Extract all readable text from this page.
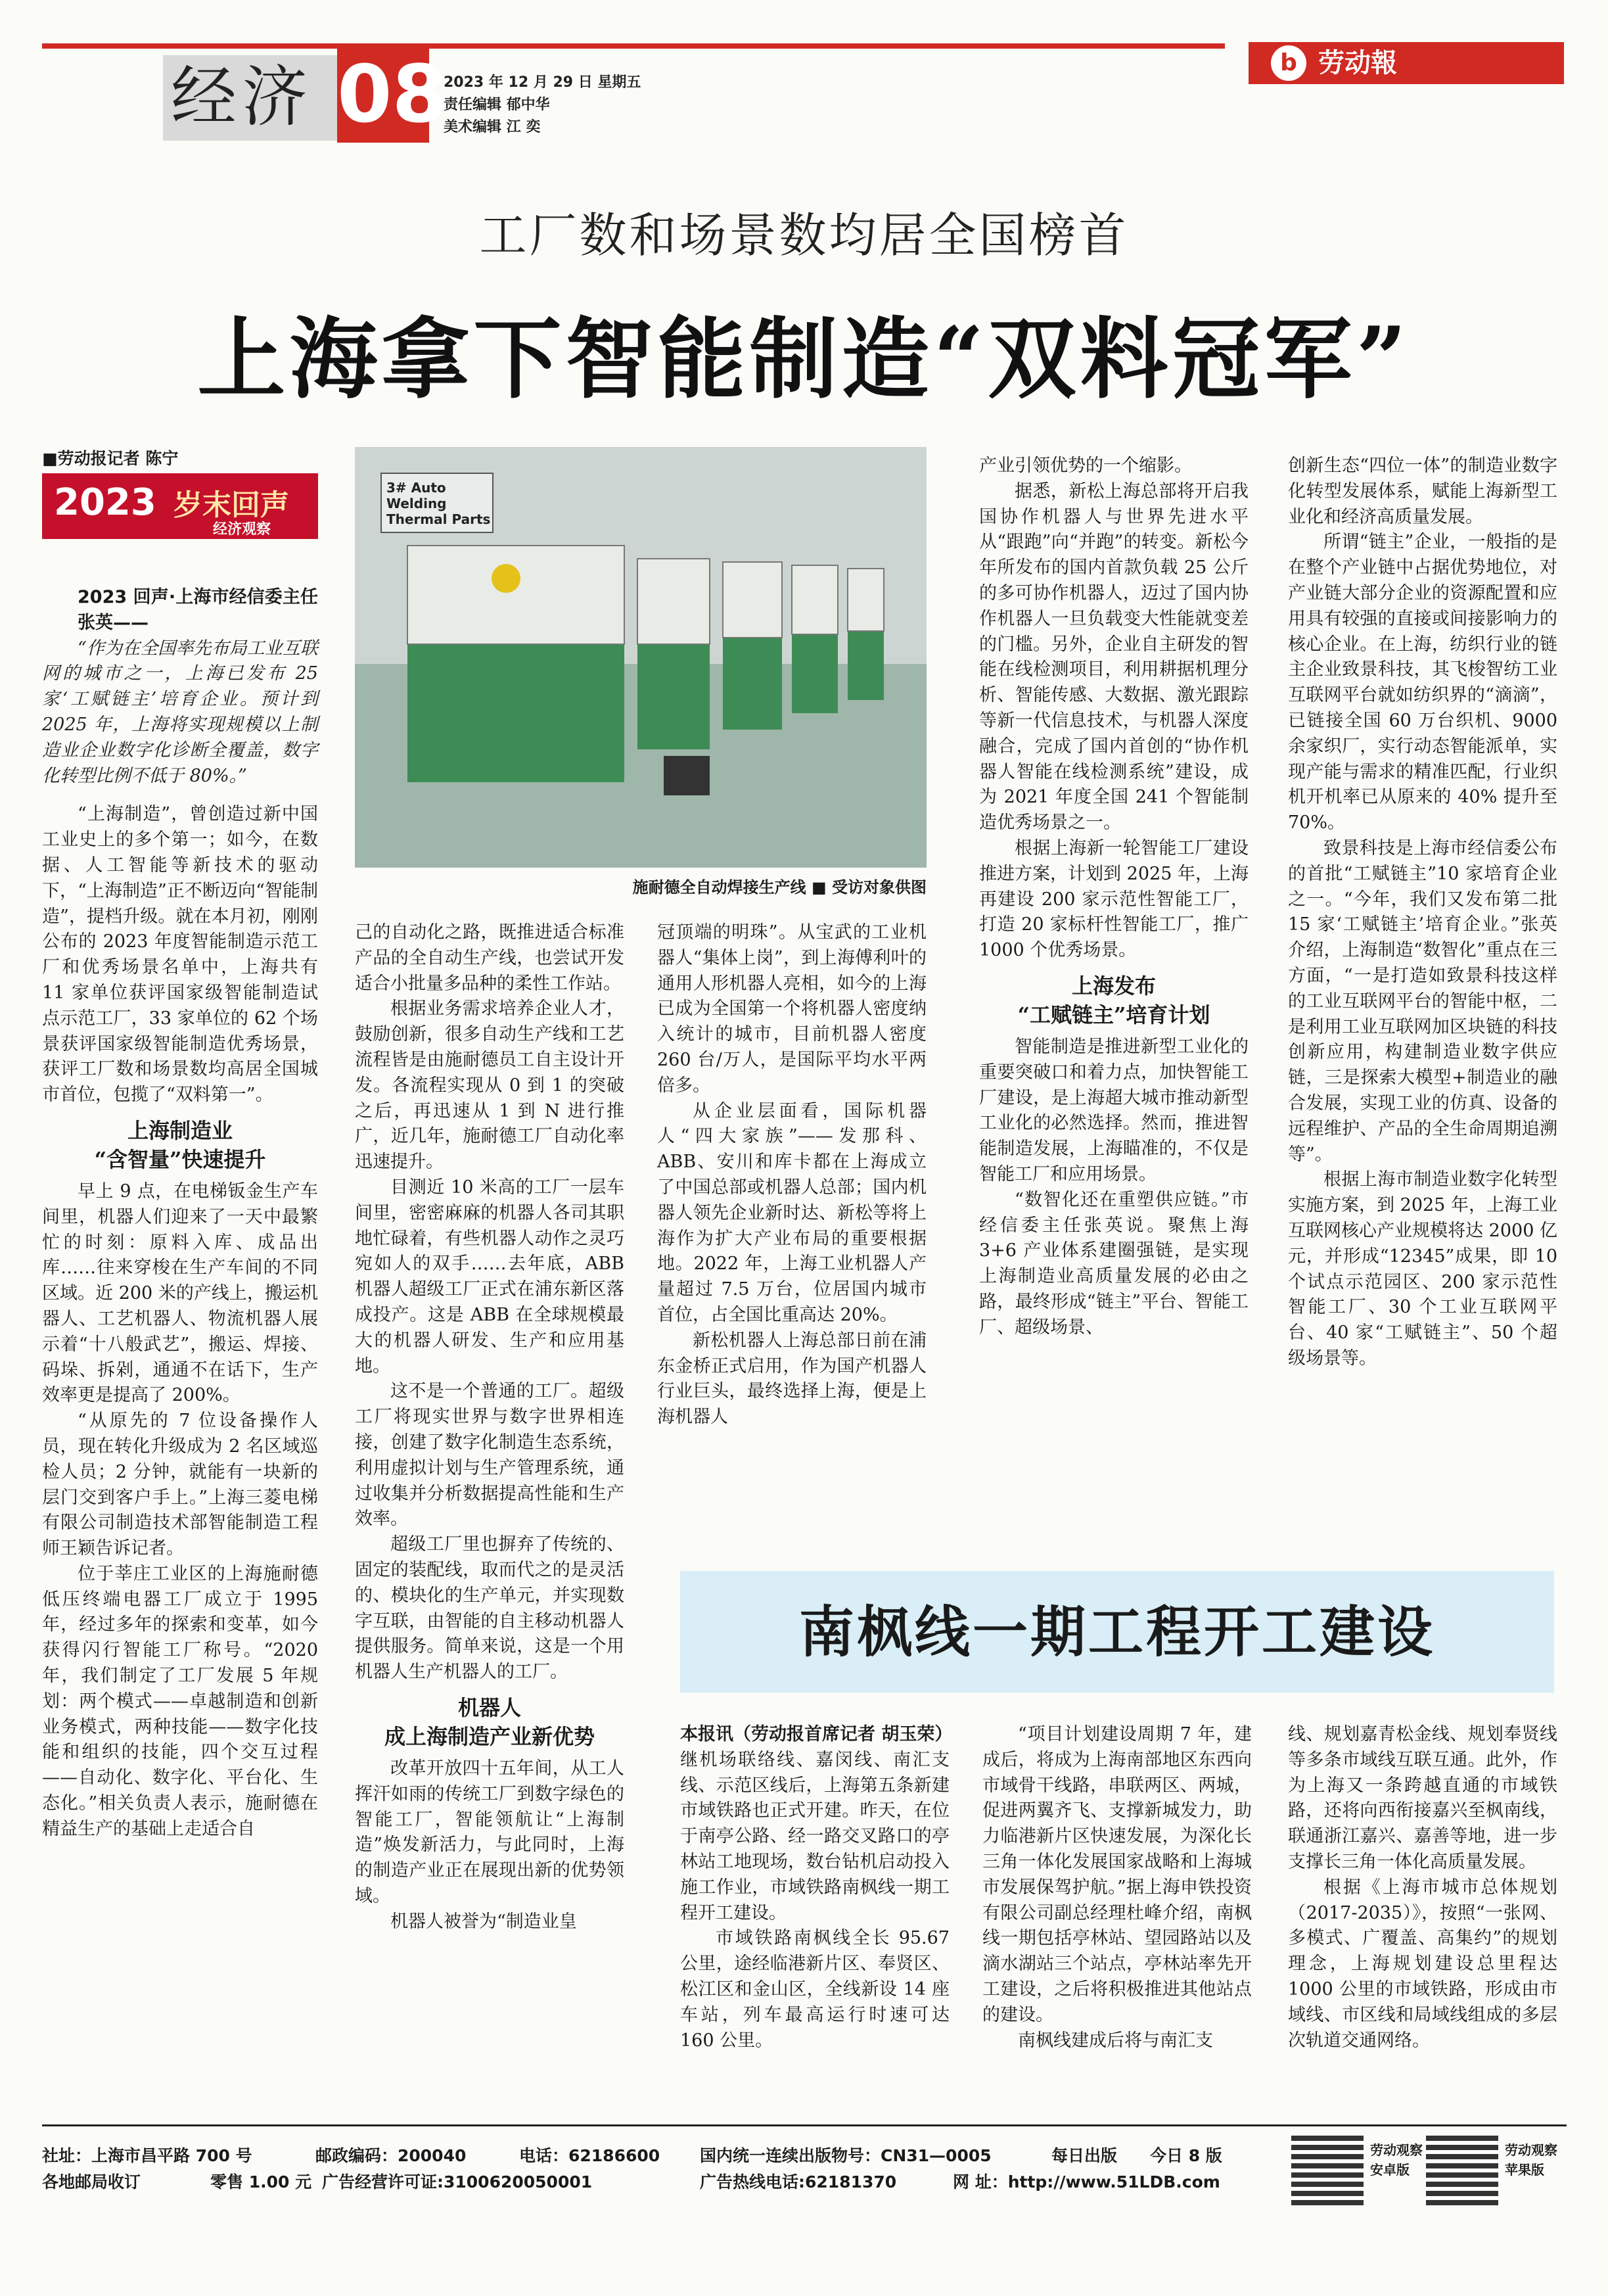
经济 08
2023 年 12 月 29 日 星期五
责任编辑 郁中华
美术编辑 江 奕
b 劳动報
工厂数和场景数均居全国榜首
上海拿下智能制造“双料冠军”
■劳动报记者 陈宁
2023 岁末回声
经济观察

2023 回声·上海市经信委主任张英——

“作为在全国率先布局工业互联网的城市之一，上海已发布 25 家‘工赋链主’培育企业。预计到 2025 年，上海将实现规模以上制造业企业数字化诊断全覆盖，数字化转型比例不低于 80%。”

“上海制造”，曾创造过新中国工业史上的多个第一；如今，在数据、人工智能等新技术的驱动下，“上海制造”正不断迈向“智能制造”，提档升级。就在本月初，刚刚公布的 2023 年度智能制造示范工厂和优秀场景名单中，上海共有 11 家单位获评国家级智能制造试点示范工厂，33 家单位的 62 个场景获评国家级智能制造优秀场景，获评工厂数和场景数均高居全国城市首位，包揽了“双料第一”。

上海制造业
“含智量”快速提升

早上 9 点，在电梯钣金生产车间里，机器人们迎来了一天中最繁忙的时刻：原料入库、成品出库……往来穿梭在生产车间的不同区域。近 200 米的产线上，搬运机器人、工艺机器人、物流机器人展示着“十八般武艺”，搬运、焊接、码垛、拆剁，通通不在话下，生产效率更是提高了 200%。

“从原先的 7 位设备操作人员，现在转化升级成为 2 名区域巡检人员；2 分钟，就能有一块新的层门交到客户手上。”上海三菱电梯有限公司制造技术部智能制造工程师王颖告诉记者。

位于莘庄工业区的上海施耐德低压终端电器工厂成立于 1995 年，经过多年的探索和变革，如今获得闪行智能工厂称号。“2020 年，我们制定了工厂发展 5 年规划：两个模式——卓越制造和创新业务模式，两种技能——数字化技能和组织的技能，四个交互过程——自动化、数字化、平台化、生态化。”相关负责人表示，施耐德在精益生产的基础上走适合自

3# Auto Welding Thermal Parts
施耐德全自动焊接生产线 ■ 受访对象供图

己的自动化之路，既推进适合标准产品的全自动生产线，也尝试开发适合小批量多品种的柔性工作站。

根据业务需求培养企业人才，鼓励创新，很多自动生产线和工艺流程皆是由施耐德员工自主设计开发。各流程实现从 0 到 1 的突破之后，再迅速从 1 到 N 进行推广，近几年，施耐德工厂自动化率迅速提升。

目测近 10 米高的工厂一层车间里，密密麻麻的机器人各司其职地忙碌着，有些机器人动作之灵巧宛如人的双手……去年底，ABB 机器人超级工厂正式在浦东新区落成投产。这是 ABB 在全球规模最大的机器人研发、生产和应用基地。

这不是一个普通的工厂。超级工厂将现实世界与数字世界相连接，创建了数字化制造生态系统，利用虚拟计划与生产管理系统，通过收集并分析数据提高性能和生产效率。

超级工厂里也摒弃了传统的、固定的装配线，取而代之的是灵活的、模块化的生产单元，并实现数字互联，由智能的自主移动机器人提供服务。简单来说，这是一个用机器人生产机器人的工厂。

机器人
成上海制造产业新优势

改革开放四十五年间，从工人挥汗如雨的传统工厂到数字绿色的智能工厂，智能领航让“上海制造”焕发新活力，与此同时，上海的制造产业正在展现出新的优势领域。

机器人被誉为“制造业皇

冠顶端的明珠”。从宝武的工业机器人“集体上岗”，到上海傅利叶的通用人形机器人亮相，如今的上海已成为全国第一个将机器人密度纳入统计的城市，目前机器人密度 260 台/万人，是国际平均水平两倍多。

从企业层面看，国际机器人“四大家族”——发那科、ABB、安川和库卡都在上海成立了中国总部或机器人总部；国内机器人领先企业新时达、新松等将上海作为扩大产业布局的重要根据地。2022 年，上海工业机器人产量超过 7.5 万台，位居国内城市首位，占全国比重高达 20%。

新松机器人上海总部日前在浦东金桥正式启用，作为国产机器人行业巨头，最终选择上海，便是上海机器人

产业引领优势的一个缩影。

据悉，新松上海总部将开启我国协作机器人与世界先进水平从“跟跑”向“并跑”的转变。新松今年所发布的国内首款负载 25 公斤的多可协作机器人，迈过了国内协作机器人一旦负载变大性能就变差的门槛。另外，企业自主研发的智能在线检测项目，利用耕据机理分析、智能传感、大数据、激光跟踪等新一代信息技术，与机器人深度融合，完成了国内首创的“协作机器人智能在线检测系统”建设，成为 2021 年度全国 241 个智能制造优秀场景之一。

根据上海新一轮智能工厂建设推进方案，计划到 2025 年，上海再建设 200 家示范性智能工厂，打造 20 家标杆性智能工厂，推广 1000 个优秀场景。

上海发布
“工赋链主”培育计划

智能制造是推进新型工业化的重要突破口和着力点，加快智能工厂建设，是上海超大城市推动新型工业化的必然选择。然而，推进智能制造发展，上海瞄准的，不仅是智能工厂和应用场景。

“数智化还在重塑供应链。”市经信委主任张英说。聚焦上海 3+6 产业体系建圈强链，是实现上海制造业高质量发展的必由之路，最终形成“链主”平台、智能工厂、超级场景、

创新生态“四位一体”的制造业数字化转型发展体系，赋能上海新型工业化和经济高质量发展。

所谓“链主”企业，一般指的是在整个产业链中占据优势地位，对产业链大部分企业的资源配置和应用具有较强的直接或间接影响力的核心企业。在上海，纺织行业的链主企业致景科技，其飞梭智纺工业互联网平台就如纺织界的“滴滴”，已链接全国 60 万台织机、9000 余家织厂，实行动态智能派单，实现产能与需求的精准匹配，行业织机开机率已从原来的 40% 提升至 70%。

致景科技是上海市经信委公布的首批“工赋链主”10 家培育企业之一。“今年，我们又发布第二批 15 家‘工赋链主’培育企业。”张英介绍，上海制造“数智化”重点在三方面，“一是打造如致景科技这样的工业互联网平台的智能中枢，二是利用工业互联网加区块链的科技创新应用，构建制造业数字供应链，三是探索大模型+制造业的融合发展，实现工业的仿真、设备的远程维护、产品的全生命周期追溯等”。

根据上海市制造业数字化转型实施方案，到 2025 年，上海工业互联网核心产业规模将达 2000 亿元，并形成“12345”成果，即 10 个试点示范园区、200 家示范性智能工厂、30 个工业互联网平台、40 家“工赋链主”、50 个超级场景等。

南枫线一期工程开工建设

本报讯（劳动报首席记者 胡玉荣）继机场联络线、嘉闵线、南汇支线、示范区线后，上海第五条新建市域铁路也正式开建。昨天，在位于南亭公路、经一路交叉路口的亭林站工地现场，数台钻机启动投入施工作业，市域铁路南枫线一期工程开工建设。

市域铁路南枫线全长 95.67 公里，途经临港新片区、奉贤区、松江区和金山区，全线新设 14 座车站，列车最高运行时速可达 160 公里。

“项目计划建设周期 7 年，建成后，将成为上海南部地区东西向市域骨干线路，串联两区、两城，促进两翼齐飞、支撑新城发力，助力临港新片区快速发展，为深化长三角一体化发展国家战略和上海城市发展保驾护航。”据上海申铁投资有限公司副总经理杜峰介绍，南枫线一期包括亭林站、望园路站以及滴水湖站三个站点，亭林站率先开工建设，之后将积极推进其他站点的建设。

南枫线建成后将与南汇支

线、规划嘉青松金线、规划奉贤线等多条市域线互联互通。此外，作为上海又一条跨越直通的市域铁路，还将向西衔接嘉兴至枫南线，联通浙江嘉兴、嘉善等地，进一步支撑长三角一体化高质量发展。

根据《上海市城市总体规划（2017-2035）》，按照“一张网、多模式、广覆盖、高集约”的规划理念，上海规划建设总里程达 1000 公里的市域铁路，形成由市域线、市区线和局域线组成的多层次轨道交通网络。

社址：上海市昌平路 700 号	邮政编码：200040	电话：62186600 国内统一连续出版物号：CN31—0005	每日出版 今日 8 版
各地邮局收订	零售 1.00 元 广告经营许可证:3100620050001	广告热线电话:62181370	网 址：http://www.51LDB.com
劳动观察
安卓版
劳动观察
苹果版
